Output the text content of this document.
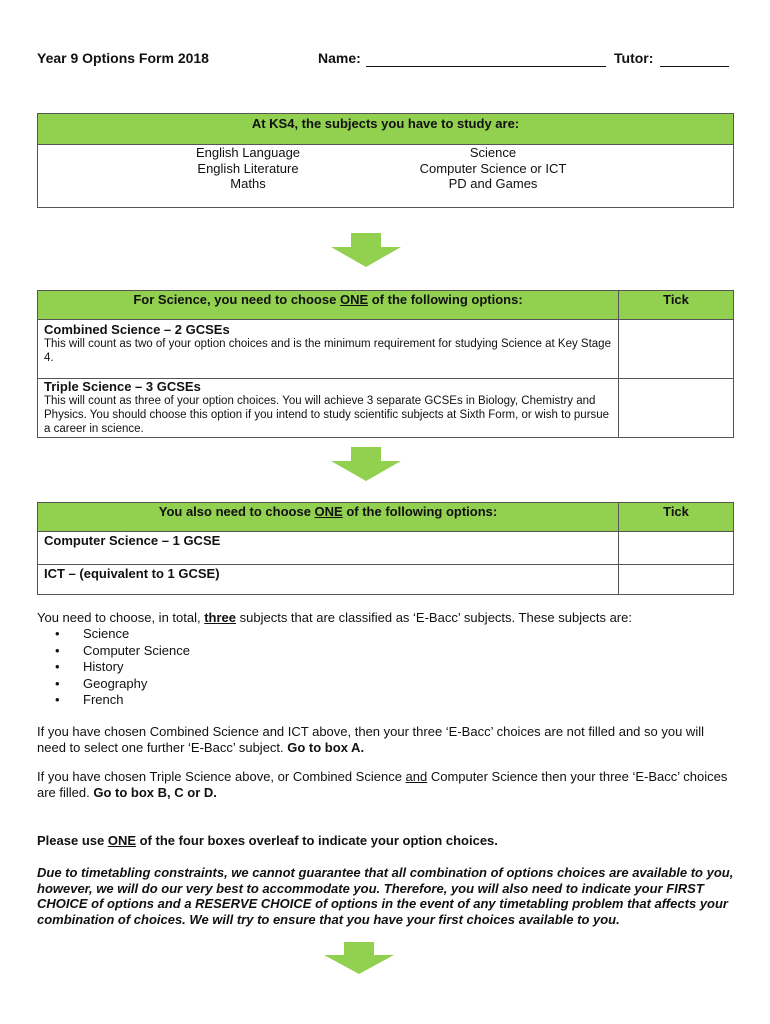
Year 9 Options Form 2018	Name:	Tutor:
At KS4, the subjects you have to study are:
English Language
English Literature
Maths
Science
Computer Science or ICT
PD and Games
For Science, you need to choose ONE of the following options:	Tick
Combined Science – 2 GCSEs
This will count as two of your option choices and is the minimum requirement for studying Science at Key Stage 4.
Triple Science – 3 GCSEs
This will count as three of your option choices. You will achieve 3 separate GCSEs in Biology, Chemistry and Physics. You should choose this option if you intend to study scientific subjects at Sixth Form, or wish to pursue a career in science.
You also need to choose ONE of the following options:	Tick
Computer Science – 1 GCSE
ICT – (equivalent to 1 GCSE)
You need to choose, in total, three subjects that are classified as ‘E-Bacc’ subjects. These subjects are:
• Science
• Computer Science
• History
• Geography
• French
If you have chosen Combined Science and ICT above, then your three ‘E-Bacc’ choices are not filled and so you will need to select one further ‘E-Bacc’ subject. Go to box A.
If you have chosen Triple Science above, or Combined Science and Computer Science then your three ‘E-Bacc’ choices are filled. Go to box B, C or D.
Please use ONE of the four boxes overleaf to indicate your option choices.
Due to timetabling constraints, we cannot guarantee that all combination of options choices are available to you, however, we will do our very best to accommodate you. Therefore, you will also need to indicate your FIRST CHOICE of options and a RESERVE CHOICE of options in the event of any timetabling problem that affects your combination of choices. We will try to ensure that you have your first choices available to you.
